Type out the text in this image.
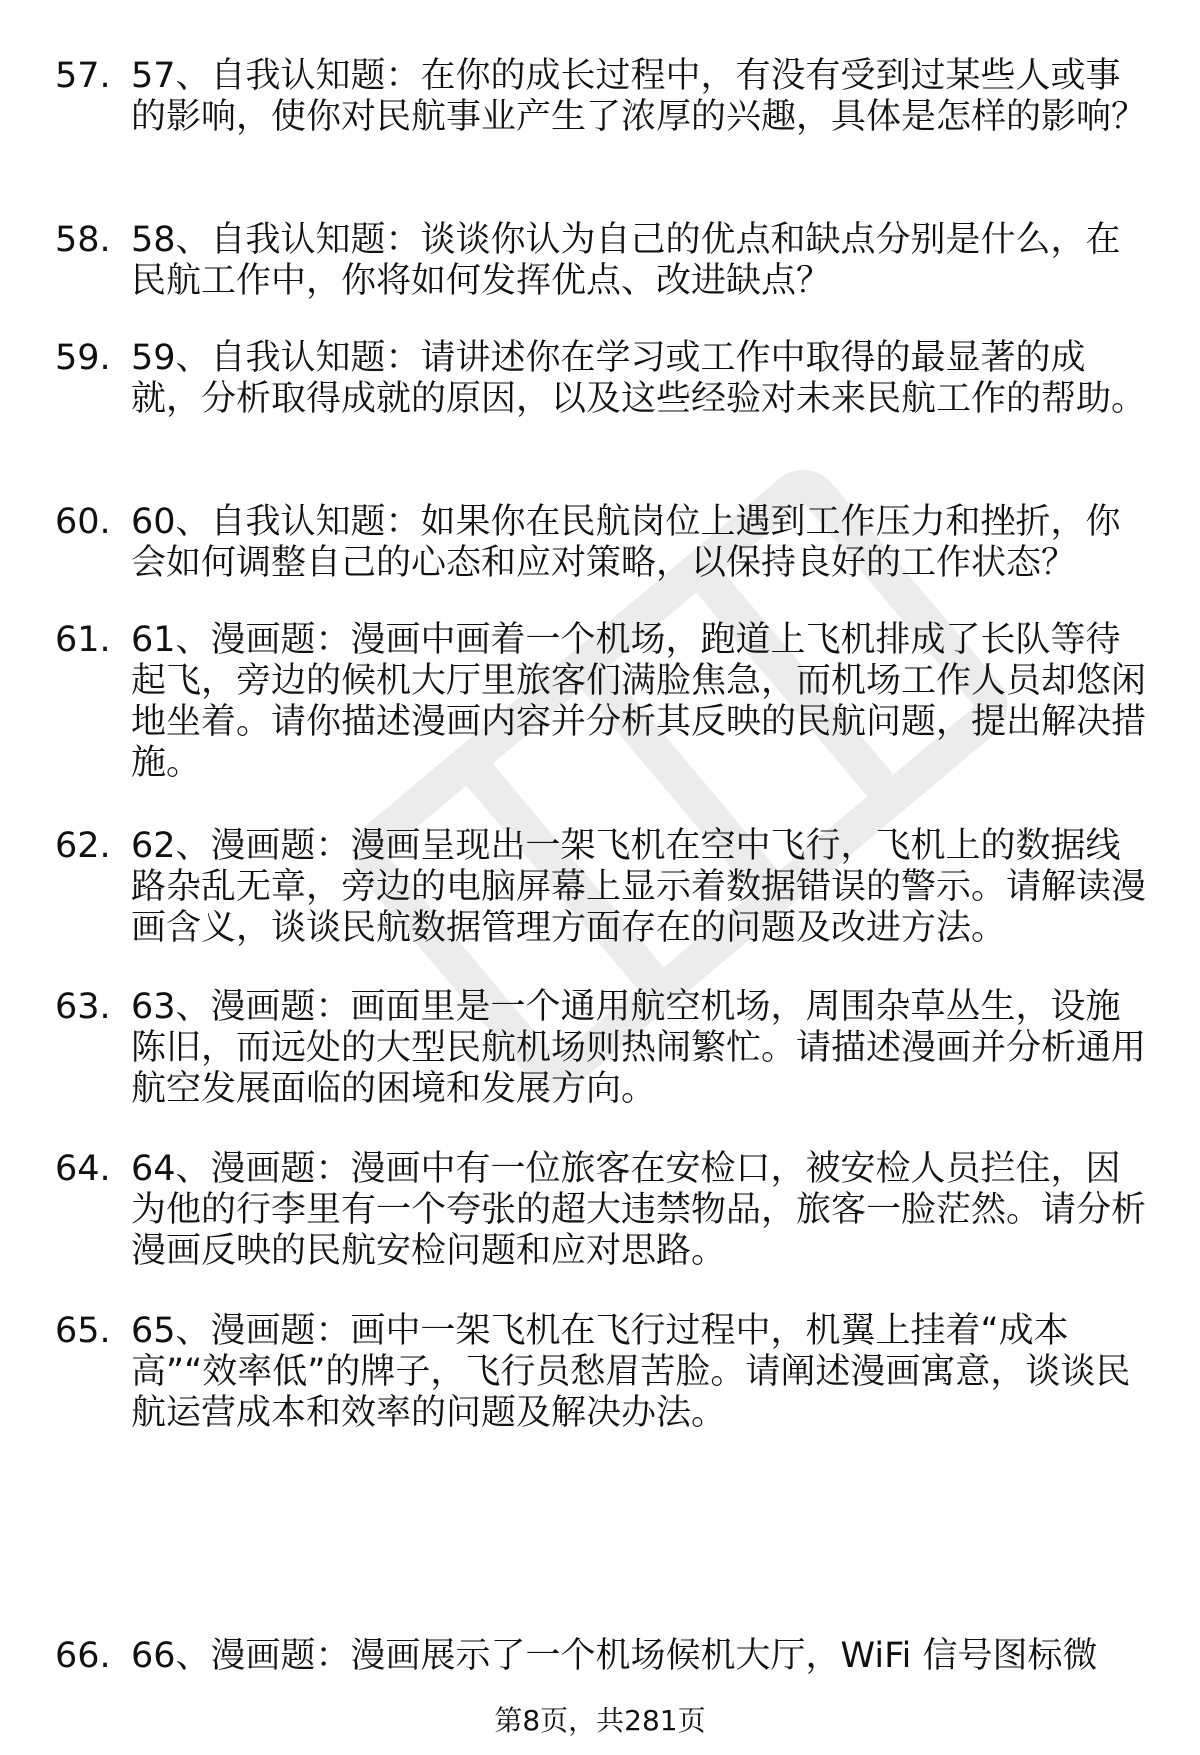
57. 57、自我认知题：在你的成长过程中，有没有受到过某些人或事的影响，使你对民航事业产生了浓厚的兴趣，具体是怎样的影响？
58. 58、自我认知题：谈谈你认为自己的优点和缺点分别是什么，在民航工作中，你将如何发挥优点、改进缺点？
59. 59、自我认知题：请讲述你在学习或工作中取得的最显著的成就，分析取得成就的原因，以及这些经验对未来民航工作的帮助。
60. 60、自我认知题：如果你在民航岗位上遇到工作压力和挫折，你会如何调整自己的心态和应对策略，以保持良好的工作状态？
61. 61、漫画题：漫画中画着一个机场，跑道上飞机排成了长队等待起飞，旁边的候机大厅里旅客们满脸焦急，而机场工作人员却悠闲地坐着。请你描述漫画内容并分析其反映的民航问题，提出解决措施。
62. 62、漫画题：漫画呈现出一架飞机在空中飞行，飞机上的数据线路杂乱无章，旁边的电脑屏幕上显示着数据错误的警示。请解读漫画含义，谈谈民航数据管理方面存在的问题及改进方法。
63. 63、漫画题：画面里是一个通用航空机场，周围杂草丛生，设施陈旧，而远处的大型民航机场则热闹繁忙。请描述漫画并分析通用航空发展面临的困境和发展方向。
64. 64、漫画题：漫画中有一位旅客在安检口，被安检人员拦住，因为他的行李里有一个夸张的超大违禁物品，旅客一脸茫然。请分析漫画反映的民航安检问题和应对思路。
65. 65、漫画题：画中一架飞机在飞行过程中，机翼上挂着“成本高”“效率低”的牌子，飞行员愁眉苦脸。请阐述漫画寓意，谈谈民航运营成本和效率的问题及解决办法。
66. 66、漫画题：漫画展示了一个机场候机大厅，WiFi 信号图标微
第8页，共281页
